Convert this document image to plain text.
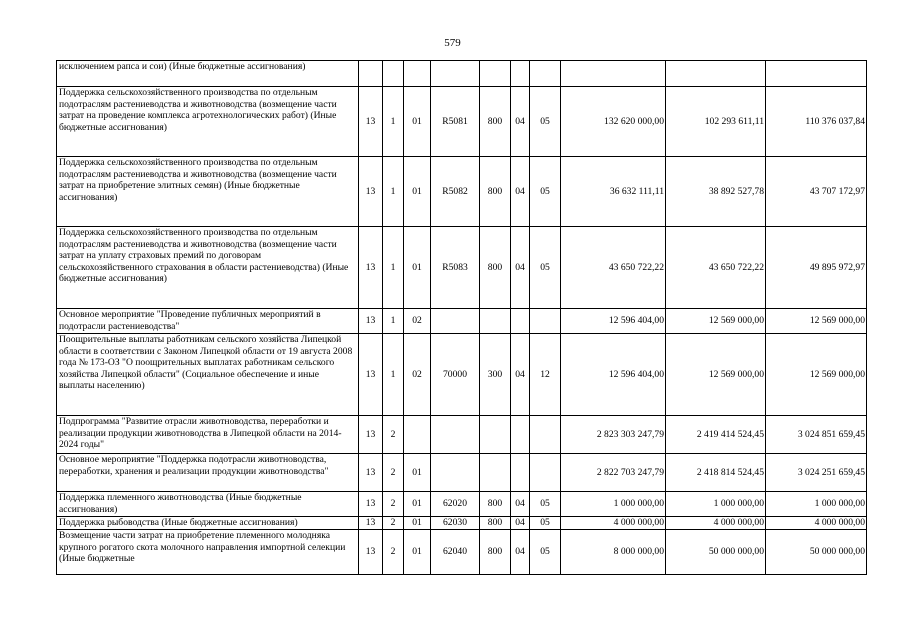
579
исключением рапса и сои) (Иные бюджетные ассигнования)										
Поддержка сельскохозяйственного производства по отдельным подотраслям растениеводства и животноводства (возмещение части затрат на проведение комплекса агротехнологических работ) (Иные бюджетные ассигнования)	13	1	01	R5081	800	04	05	132 620 000,00	102 293 611,11	110 376 037,84
Поддержка сельскохозяйственного производства по отдельным подотраслям растениеводства и животноводства (возмещение части затрат на приобретение элитных семян) (Иные бюджетные ассигнования)	13	1	01	R5082	800	04	05	36 632 111,11	38 892 527,78	43 707 172,97
Поддержка сельскохозяйственного производства по отдельным подотраслям растениеводства и животноводства (возмещение части затрат на уплату страховых премий по договорам сельскохозяйственного страхования в области растениеводства) (Иные бюджетные ассигнования)	13	1	01	R5083	800	04	05	43 650 722,22	43 650 722,22	49 895 972,97
Основное мероприятие "Проведение публичных мероприятий в подотрасли растениеводства"	13	1	02					12 596 404,00	12 569 000,00	12 569 000,00
Поощрительные выплаты работникам сельского хозяйства Липецкой области в соответствии с Законом Липецкой области от 19 августа 2008 года № 173-ОЗ "О поощрительных выплатах работникам сельского хозяйства Липецкой области" (Социальное обеспечение и иные выплаты населению)	13	1	02	70000	300	04	12	12 596 404,00	12 569 000,00	12 569 000,00
Подпрограмма "Развитие отрасли животноводства, переработки и реализации продукции животноводства в Липецкой области на 2014-2024 годы"	13	2						2 823 303 247,79	2 419 414 524,45	3 024 851 659,45
Основное мероприятие "Поддержка подотрасли животноводства, переработки, хранения и реализации продукции животноводства"	13	2	01					2 822 703 247,79	2 418 814 524,45	3 024 251 659,45
Поддержка племенного животноводства (Иные бюджетные ассигнования)	13	2	01	62020	800	04	05	1 000 000,00	1 000 000,00	1 000 000,00
Поддержка рыбоводства (Иные бюджетные ассигнования)	13	2	01	62030	800	04	05	4 000 000,00	4 000 000,00	4 000 000,00
Возмещение части затрат на приобретение племенного молодняка крупного рогатого скота молочного направления импортной селекции (Иные бюджетные	13	2	01	62040	800	04	05	8 000 000,00	50 000 000,00	50 000 000,00
